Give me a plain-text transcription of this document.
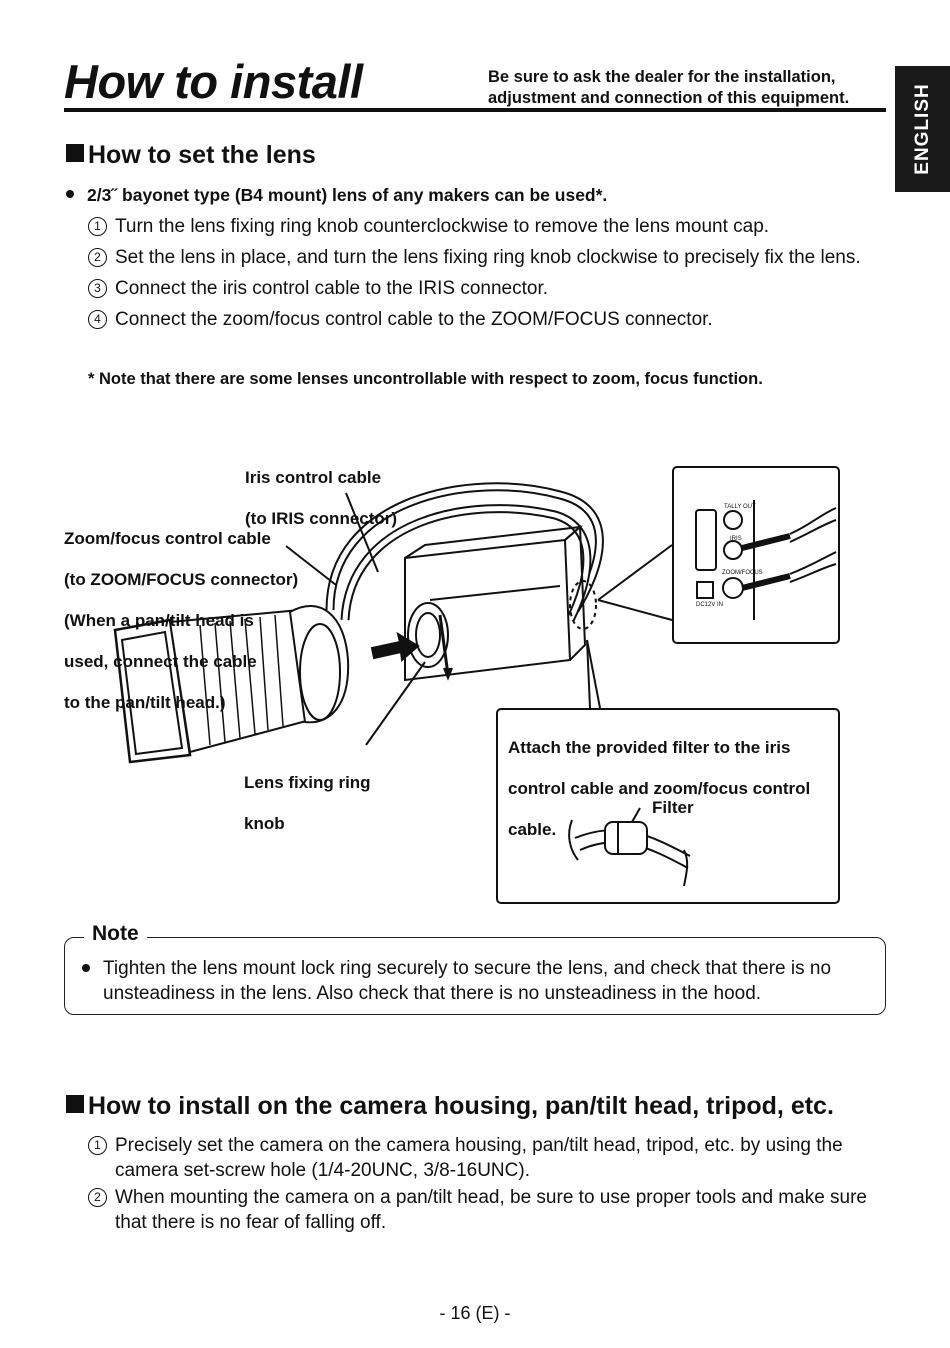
How to install	Be sure to ask the dealer for the installation,
adjustment and connection of this equipment.	ENGLISH
How to set the lens
2/3˝ bayonet type (B4 mount) lens of any makers can be used*.
1 Turn the lens fixing ring knob counterclockwise to remove the lens mount cap.
2 Set the lens in place, and turn the lens fixing ring knob clockwise to precisely fix the lens.
3 Connect the iris control cable to the IRIS connector.
4 Connect the zoom/focus control cable to the ZOOM/FOCUS connector.
* Note that there are some lenses uncontrollable with respect to zoom, focus function.

Iris control cable

(to IRIS connector)

Zoom/focus control cable

(to ZOOM/FOCUS connector)

(When a pan/tilt head is

used, connect the cable

to the pan/tilt head.)

Lens fixing ring

knob

TALLY OUT
IRIS
ZOOM/FOCUS
DC12V IN

Attach the provided filter to the iris

control cable and zoom/focus control

cable.

Filter
Note
Tighten the lens mount lock ring securely to secure the lens, and check that there is no unsteadiness in the lens. Also check that there is no unsteadiness in the hood.
How to install on the camera housing, pan/tilt head, tripod, etc.
1 Precisely set the camera on the camera housing, pan/tilt head, tripod, etc. by using the camera set-screw hole (1/4-20UNC, 3/8-16UNC).
2 When mounting the camera on a pan/tilt head, be sure to use proper tools and make sure that there is no fear of falling off.
- 16 (E) -
